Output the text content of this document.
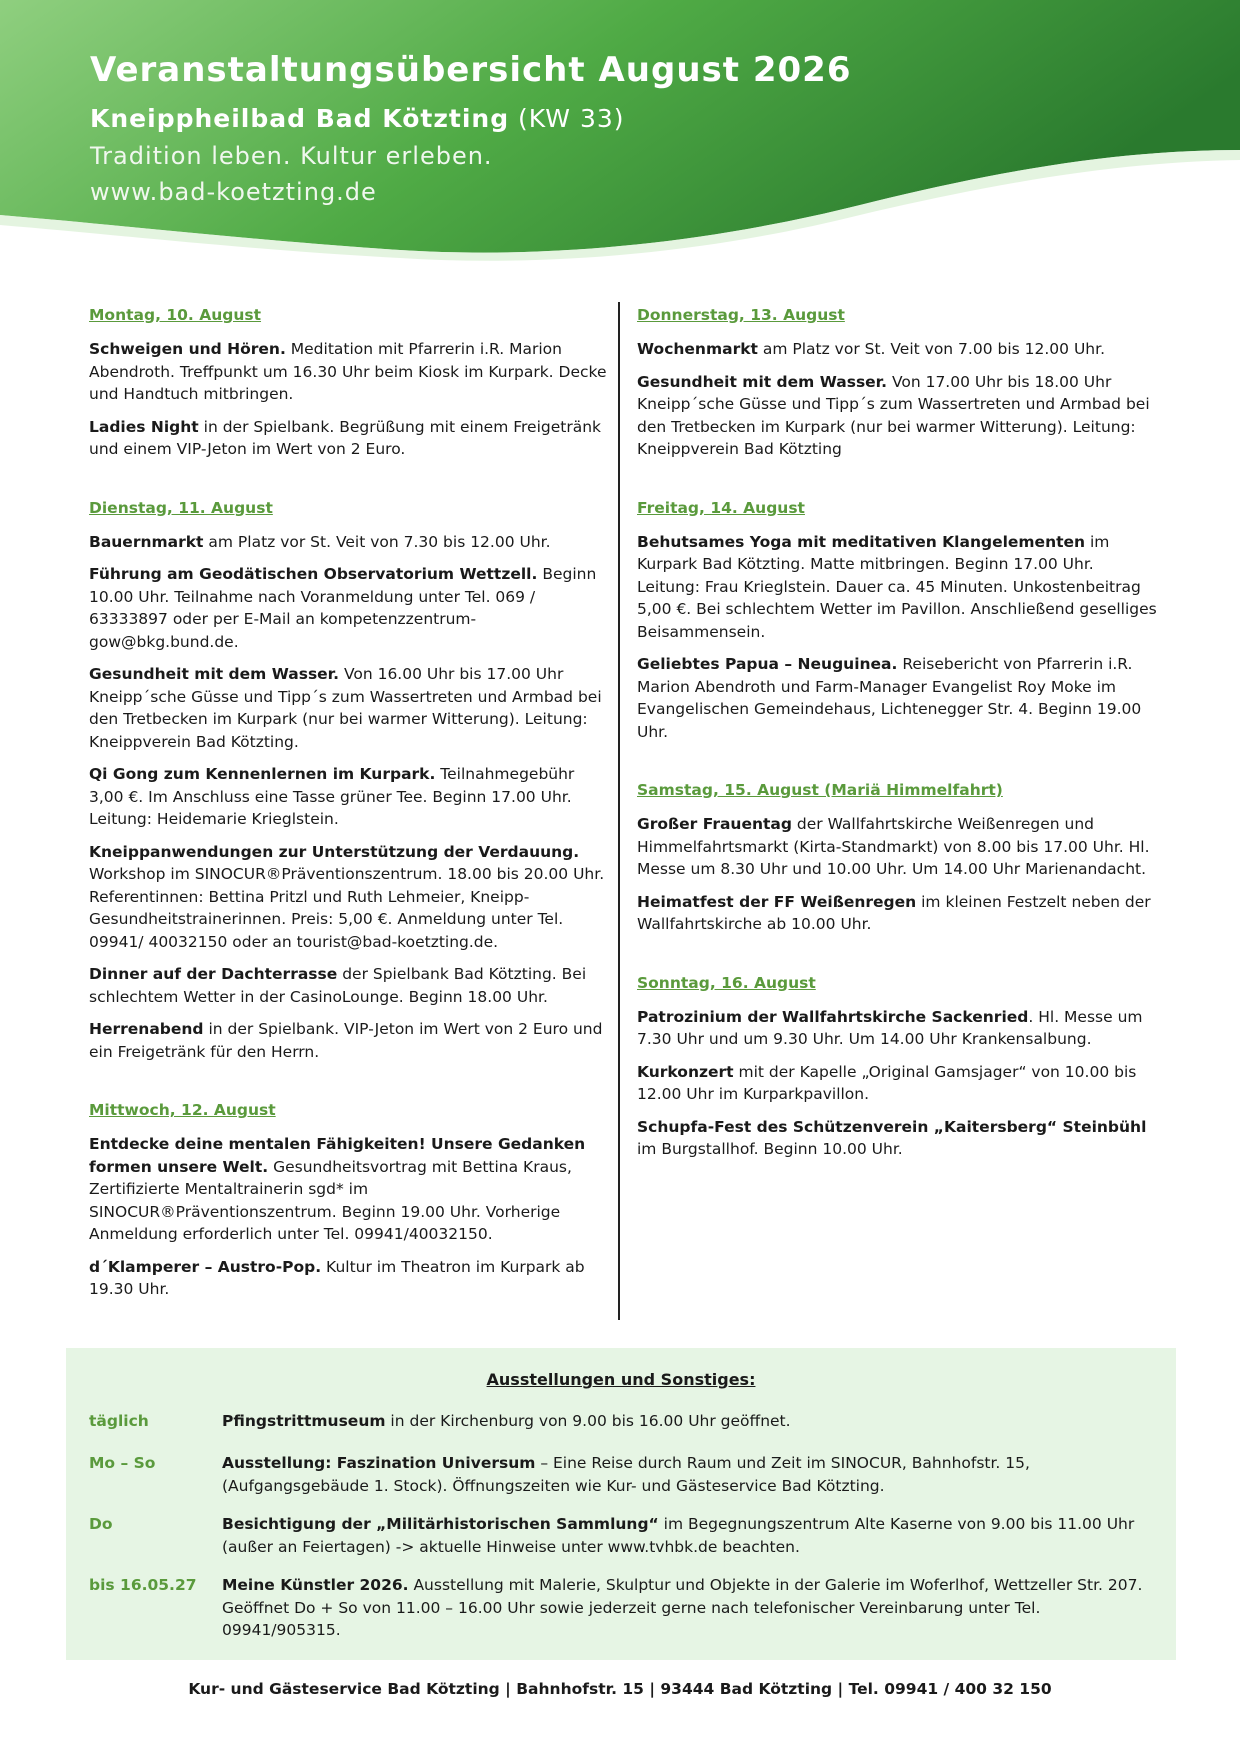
Veranstaltungsübersicht August 2026
Kneippheilbad Bad Kötzting (KW 33)
Tradition leben. Kultur erleben.
www.bad-koetzting.de
Montag, 10. August
Schweigen und Hören. Meditation mit Pfarrerin i.R. Marion Abendroth. Treffpunkt um 16.30 Uhr beim Kiosk im Kurpark. Decke und Handtuch mitbringen.
Ladies Night in der Spielbank. Begrüßung mit einem Freigetränk und einem VIP-Jeton im Wert von 2 Euro.
Dienstag, 11. August
Bauernmarkt am Platz vor St. Veit von 7.30 bis 12.00 Uhr.
Führung am Geodätischen Observatorium Wettzell. Beginn 10.00 Uhr. Teilnahme nach Voranmeldung unter Tel. 069 / 63333897 oder per E-Mail an kompetenzzentrum-gow@bkg.bund.de.
Gesundheit mit dem Wasser. Von 16.00 Uhr bis 17.00 Uhr Kneipp´sche Güsse und Tipp´s zum Wassertreten und Armbad bei den Tretbecken im Kurpark (nur bei warmer Witterung). Leitung: Kneippverein Bad Kötzting.
Qi Gong zum Kennenlernen im Kurpark. Teilnahmegebühr 3,00 €. Im Anschluss eine Tasse grüner Tee. Beginn 17.00 Uhr. Leitung: Heidemarie Krieglstein.
Kneippanwendungen zur Unterstützung der Verdauung. Workshop im SINOCUR®Präventionszentrum. 18.00 bis 20.00 Uhr. Referentinnen: Bettina Pritzl und Ruth Lehmeier, Kneipp-Gesundheitstrainerinnen. Preis: 5,00 €. Anmeldung unter Tel. 09941/ 40032150 oder an tourist@bad-koetzting.de.
Dinner auf der Dachterrasse der Spielbank Bad Kötzting. Bei schlechtem Wetter in der CasinoLounge. Beginn 18.00 Uhr.
Herrenabend in der Spielbank. VIP-Jeton im Wert von 2 Euro und ein Freigetränk für den Herrn.
Mittwoch, 12. August
Entdecke deine mentalen Fähigkeiten! Unsere Gedanken formen unsere Welt. Gesundheitsvortrag mit Bettina Kraus, Zertifizierte Mentaltrainerin sgd* im SINOCUR®Präventionszentrum. Beginn 19.00 Uhr. Vorherige Anmeldung erforderlich unter Tel. 09941/40032150.
d´Klamperer – Austro-Pop. Kultur im Theatron im Kurpark ab 19.30 Uhr.
Donnerstag, 13. August
Wochenmarkt am Platz vor St. Veit von 7.00 bis 12.00 Uhr.
Gesundheit mit dem Wasser. Von 17.00 Uhr bis 18.00 Uhr Kneipp´sche Güsse und Tipp´s zum Wassertreten und Armbad bei den Tretbecken im Kurpark (nur bei warmer Witterung). Leitung: Kneippverein Bad Kötzting
Freitag, 14. August
Behutsames Yoga mit meditativen Klangelementen im Kurpark Bad Kötzting. Matte mitbringen. Beginn 17.00 Uhr. Leitung: Frau Krieglstein. Dauer ca. 45 Minuten. Unkostenbeitrag 5,00 €. Bei schlechtem Wetter im Pavillon. Anschließend geselliges Beisammensein.
Geliebtes Papua – Neuguinea. Reisebericht von Pfarrerin i.R. Marion Abendroth und Farm-Manager Evangelist Roy Moke im Evangelischen Gemeindehaus, Lichtenegger Str. 4. Beginn 19.00 Uhr.
Samstag, 15. August (Mariä Himmelfahrt)
Großer Frauentag der Wallfahrtskirche Weißenregen und Himmelfahrtsmarkt (Kirta-Standmarkt) von 8.00 bis 17.00 Uhr. Hl. Messe um 8.30 Uhr und 10.00 Uhr. Um 14.00 Uhr Marienandacht.
Heimatfest der FF Weißenregen im kleinen Festzelt neben der Wallfahrtskirche ab 10.00 Uhr.
Sonntag, 16. August
Patrozinium der Wallfahrtskirche Sackenried. Hl. Messe um 7.30 Uhr und um 9.30 Uhr. Um 14.00 Uhr Krankensalbung.
Kurkonzert mit der Kapelle „Original Gamsjager“ von 10.00 bis 12.00 Uhr im Kurparkpavillon.
Schupfa-Fest des Schützenverein „Kaitersberg“ Steinbühl im Burgstallhof. Beginn 10.00 Uhr.
Ausstellungen und Sonstiges:
täglich	Pfingstrittmuseum in der Kirchenburg von 9.00 bis 16.00 Uhr geöffnet.
Mo – So	Ausstellung: Faszination Universum – Eine Reise durch Raum und Zeit im SINOCUR, Bahnhofstr. 15, (Aufgangsgebäude 1. Stock). Öffnungszeiten wie Kur- und Gästeservice Bad Kötzting.
Do	Besichtigung der „Militärhistorischen Sammlung“ im Begegnungszentrum Alte Kaserne von 9.00 bis 11.00 Uhr (außer an Feiertagen) -> aktuelle Hinweise unter www.tvhbk.de beachten.
bis 16.05.27	Meine Künstler 2026. Ausstellung mit Malerie, Skulptur und Objekte in der Galerie im Woferlhof, Wettzeller Str. 207. Geöffnet Do + So von 11.00 – 16.00 Uhr sowie jederzeit gerne nach telefonischer Vereinbarung unter Tel. 09941/905315.
Kur- und Gästeservice Bad Kötzting | Bahnhofstr. 15 | 93444 Bad Kötzting | Tel. 09941 / 400 32 150
